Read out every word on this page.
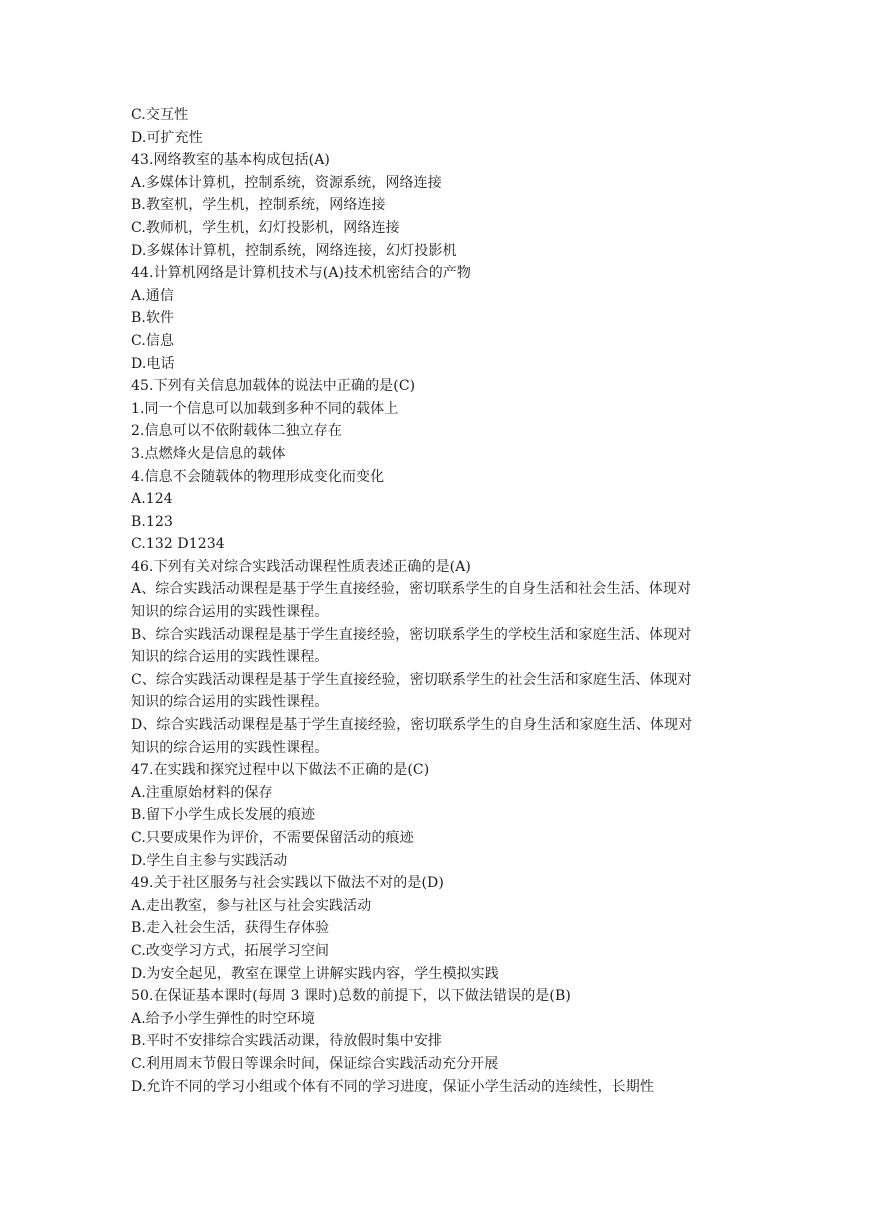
C.交互性
D.可扩充性
43.网络教室的基本构成包括(A)
A.多媒体计算机，控制系统，资源系统，网络连接
B.教室机，学生机，控制系统，网络连接
C.教师机，学生机，幻灯投影机，网络连接
D.多媒体计算机，控制系统，网络连接，幻灯投影机
44.计算机网络是计算机技术与(A)技术机密结合的产物
A.通信
B.软件
C.信息
D.电话
45.下列有关信息加载体的说法中正确的是(C)
1.同一个信息可以加载到多种不同的载体上
2.信息可以不依附载体二独立存在
3.点燃烽火是信息的载体
4.信息不会随载体的物理形成变化而变化
A.124
B.123
C.132 D1234
46.下列有关对综合实践活动课程性质表述正确的是(A)
A、综合实践活动课程是基于学生直接经验，密切联系学生的自身生活和社会生活、体现对
知识的综合运用的实践性课程。
B、综合实践活动课程是基于学生直接经验，密切联系学生的学校生活和家庭生活、体现对
知识的综合运用的实践性课程。
C、综合实践活动课程是基于学生直接经验，密切联系学生的社会生活和家庭生活、体现对
知识的综合运用的实践性课程。
D、综合实践活动课程是基于学生直接经验，密切联系学生的自身生活和家庭生活、体现对
知识的综合运用的实践性课程。
47.在实践和探究过程中以下做法不正确的是(C)
A.注重原始材料的保存
B.留下小学生成长发展的痕迹
C.只要成果作为评价，不需要保留活动的痕迹
D.学生自主参与实践活动
49.关于社区服务与社会实践以下做法不对的是(D)
A.走出教室，参与社区与社会实践活动
B.走入社会生活，获得生存体验
C.改变学习方式，拓展学习空间
D.为安全起见，教室在课堂上讲解实践内容，学生模拟实践
50.在保证基本课时(每周 3 课时)总数的前提下，以下做法错误的是(B)
A.给予小学生弹性的时空环境
B.平时不安排综合实践活动课，待放假时集中安排
C.利用周末节假日等课余时间，保证综合实践活动充分开展
D.允许不同的学习小组或个体有不同的学习进度，保证小学生活动的连续性，长期性
